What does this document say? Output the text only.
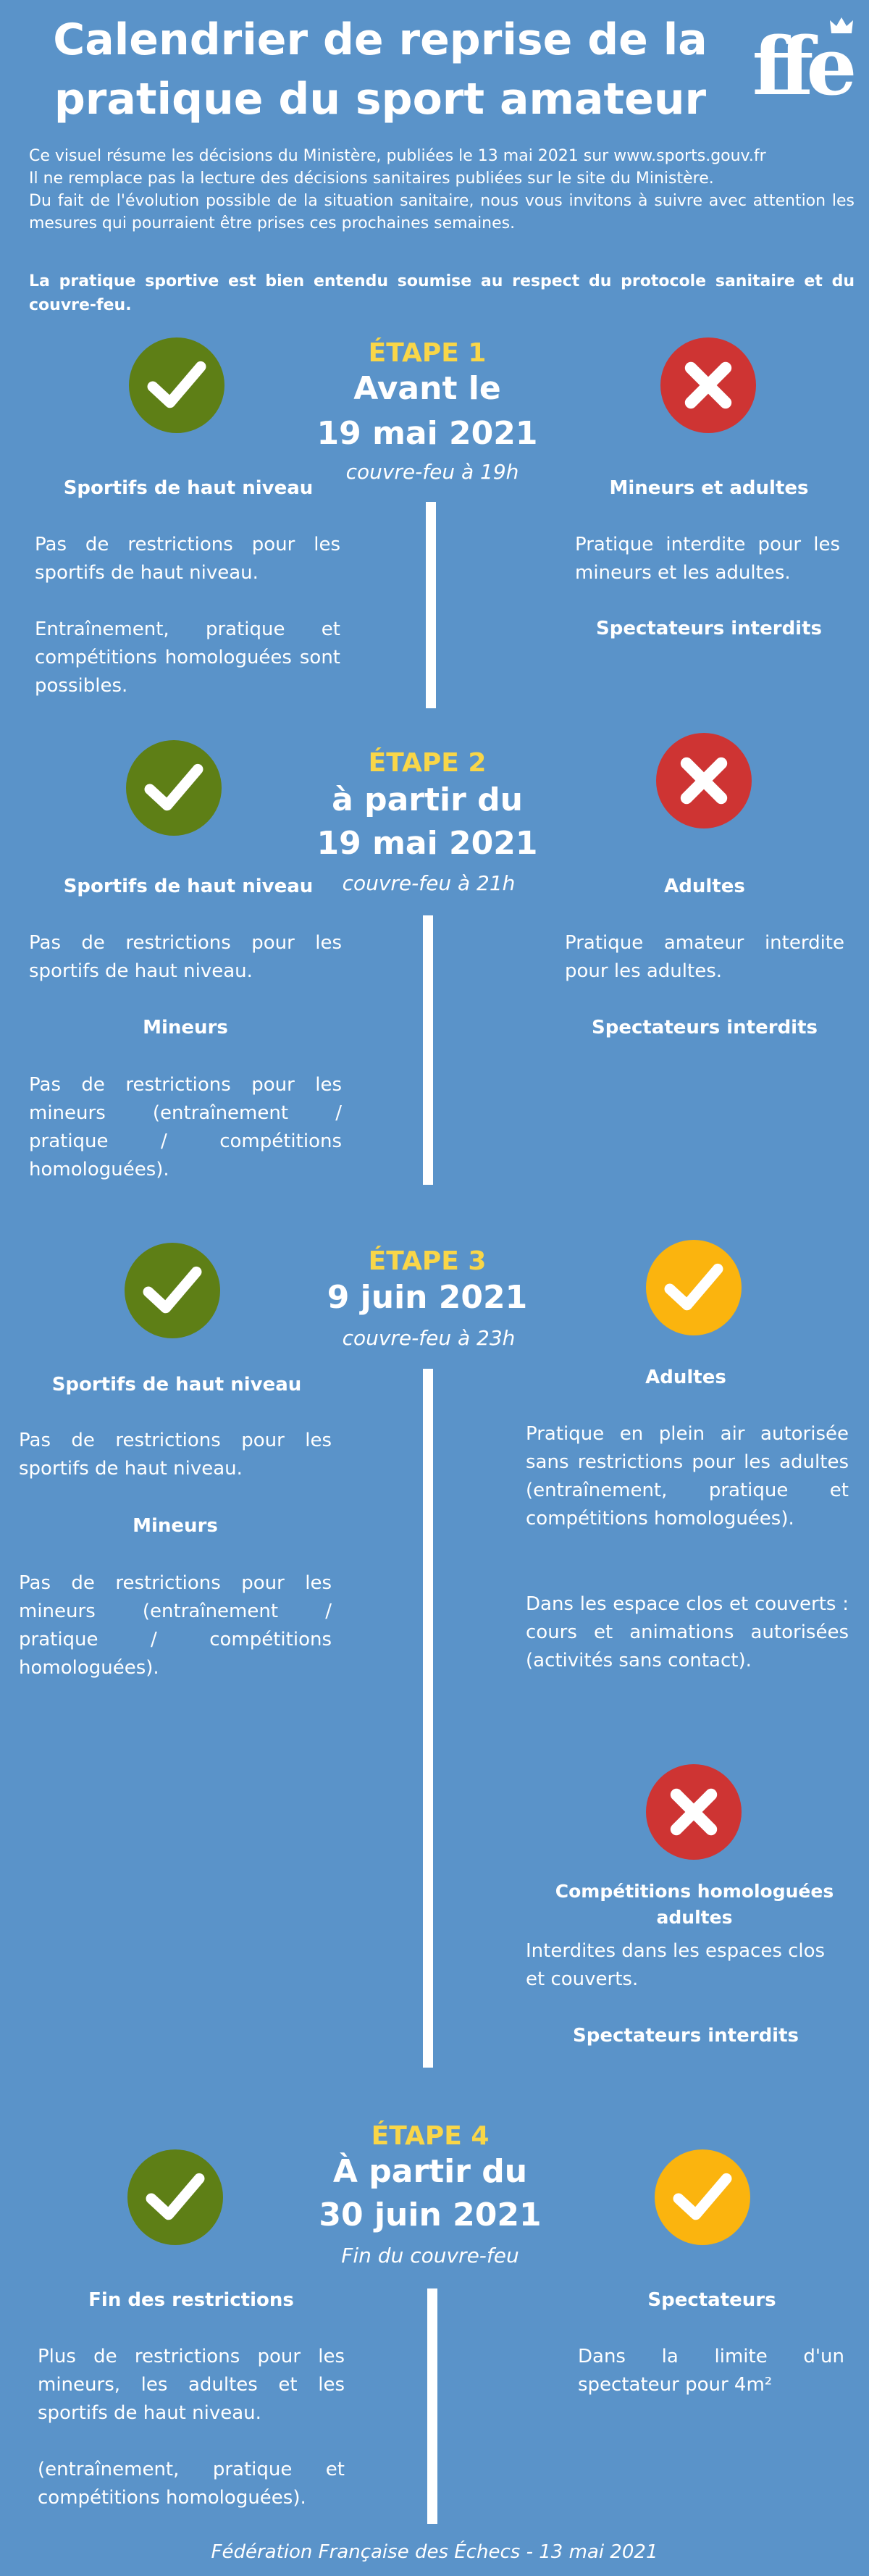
Calendrier de reprise de la
pratique du sport amateur ffe

Ce visuel résume les décisions du Ministère, publiées le 13 mai 2021 sur www.sports.gouv.fr

Il ne remplace pas la lecture des décisions sanitaires publiées sur le site du Ministère.

Du fait de l'évolution possible de la situation sanitaire, nous vous invitons à suivre avec attention les mesures qui pourraient être prises ces prochaines semaines.

La pratique sportive est bien entendu soumise au respect du protocole sanitaire et du couvre-feu.
ÉTAPE 1
Avant le
19 mai 2021
couvre-feu à 19h
Sportifs de haut niveau
Pas de restrictions pour les sportifs de haut niveau.
Entraînement, pratique et compétitions homologuées sont possibles.
Mineurs et adultes
Pratique interdite pour les mineurs et les adultes.
Spectateurs interdits
ÉTAPE 2
à partir du
19 mai 2021
couvre-feu à 21h
Sportifs de haut niveau
Pas de restrictions pour les sportifs de haut niveau.
Mineurs
Pas de restrictions pour les mineurs (entraînement / pratique / compétitions homologuées).
Adultes
Pratique amateur interdite pour les adultes.
Spectateurs interdits
ÉTAPE 3
9 juin 2021
couvre-feu à 23h
Sportifs de haut niveau
Pas de restrictions pour les sportifs de haut niveau.
Mineurs
Pas de restrictions pour les mineurs (entraînement / pratique / compétitions homologuées).
Adultes
Pratique en plein air autorisée sans restrictions pour les adultes (entraînement, pratique et compétitions homologuées).
Dans les espace clos et couverts : cours et animations autorisées (activités sans contact).
Compétitions homologuées
adultes
Interdites dans les espaces clos et couverts.
Spectateurs interdits
ÉTAPE 4
À partir du
30 juin 2021
Fin du couvre-feu
Fin des restrictions
Plus de restrictions pour les mineurs, les adultes et les sportifs de haut niveau.
(entraînement, pratique et compétitions homologuées).
Spectateurs
Dans la limite d'un spectateur pour 4m²
Fédération Française des Échecs - 13 mai 2021
